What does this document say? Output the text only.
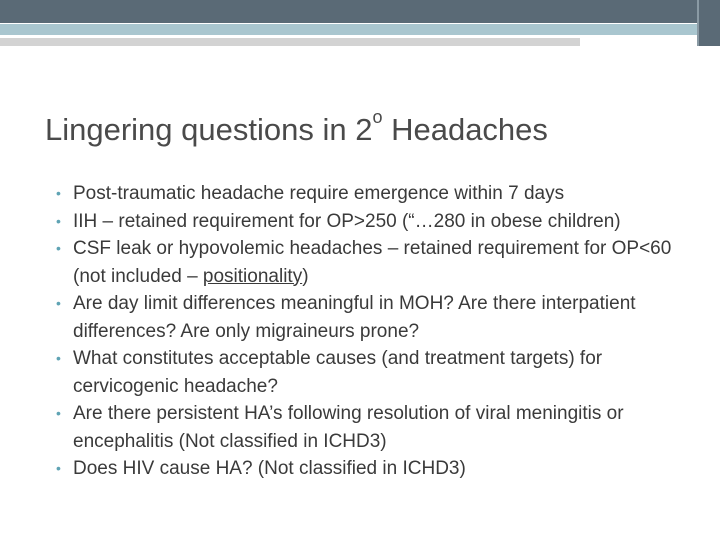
Lingering questions in 2$^o$ Headaches
• Post-traumatic headache require emergence within 7 days
• IIH – retained requirement for OP>250 (“…280 in obese children)
• CSF leak or hypovolemic headaches – retained requirement for OP<60 (not included – positionality)
• Are day limit differences meaningful in MOH? Are there interpatient differences? Are only migraineurs prone?
• What constitutes acceptable causes (and treatment targets) for cervicogenic headache?
• Are there persistent HA’s following resolution of viral meningitis or encephalitis (Not classified in ICHD3)
• Does HIV cause HA? (Not classified in ICHD3)
